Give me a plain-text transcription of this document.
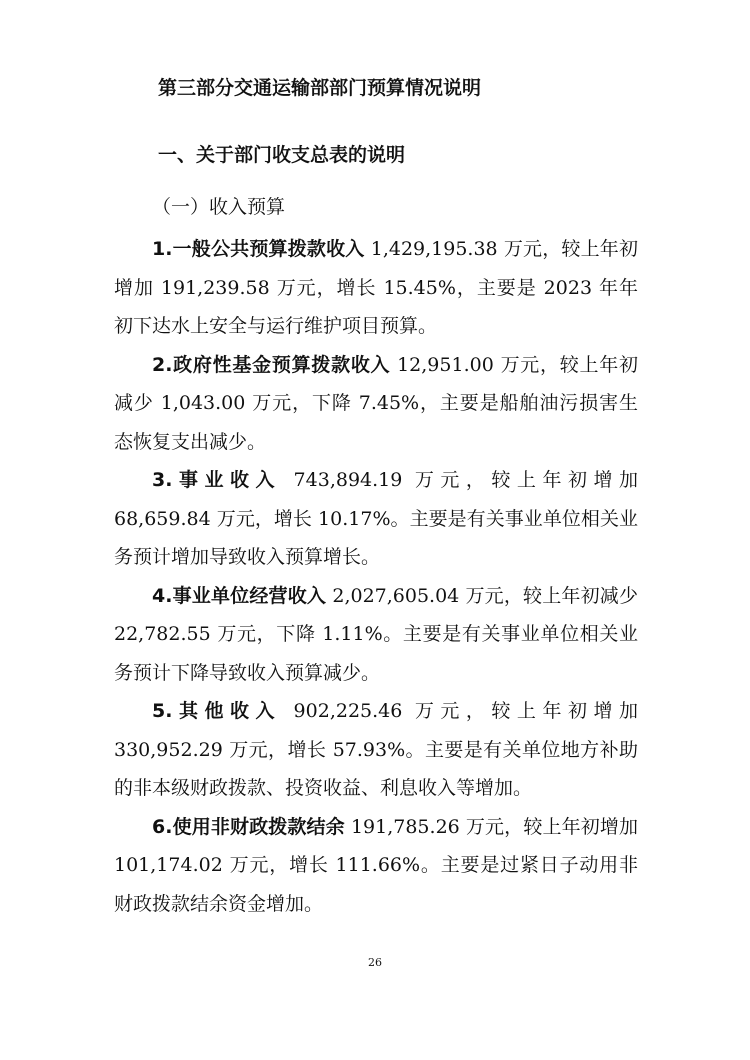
第三部分交通运输部部门预算情况说明
一、关于部门收支总表的说明
（一）收入预算

1.一般公共预算拨款收入 1,429,195.38 万元，较上年初增加 191,239.58 万元，增长 15.45%，主要是 2023 年年初下达水上安全与运行维护项目预算。

2.政府性基金预算拨款收入 12,951.00 万元，较上年初减少 1,043.00 万元，下降 7.45%，主要是船舶油污损害生态恢复支出减少。

3.事业收入 743,894.19 万元，较上年初增加 68,659.84 万元，增长 10.17%。主要是有关事业单位相关业务预计增加导致收入预算增长。

4.事业单位经营收入 2,027,605.04 万元，较上年初减少 22,782.55 万元，下降 1.11%。主要是有关事业单位相关业务预计下降导致收入预算减少。

5.其他收入 902,225.46 万元，较上年初增加 330,952.29 万元，增长 57.93%。主要是有关单位地方补助的非本级财政拨款、投资收益、利息收入等增加。

6.使用非财政拨款结余 191,785.26 万元，较上年初增加 101,174.02 万元，增长 111.66%。主要是过紧日子动用非财政拨款结余资金增加。

26
